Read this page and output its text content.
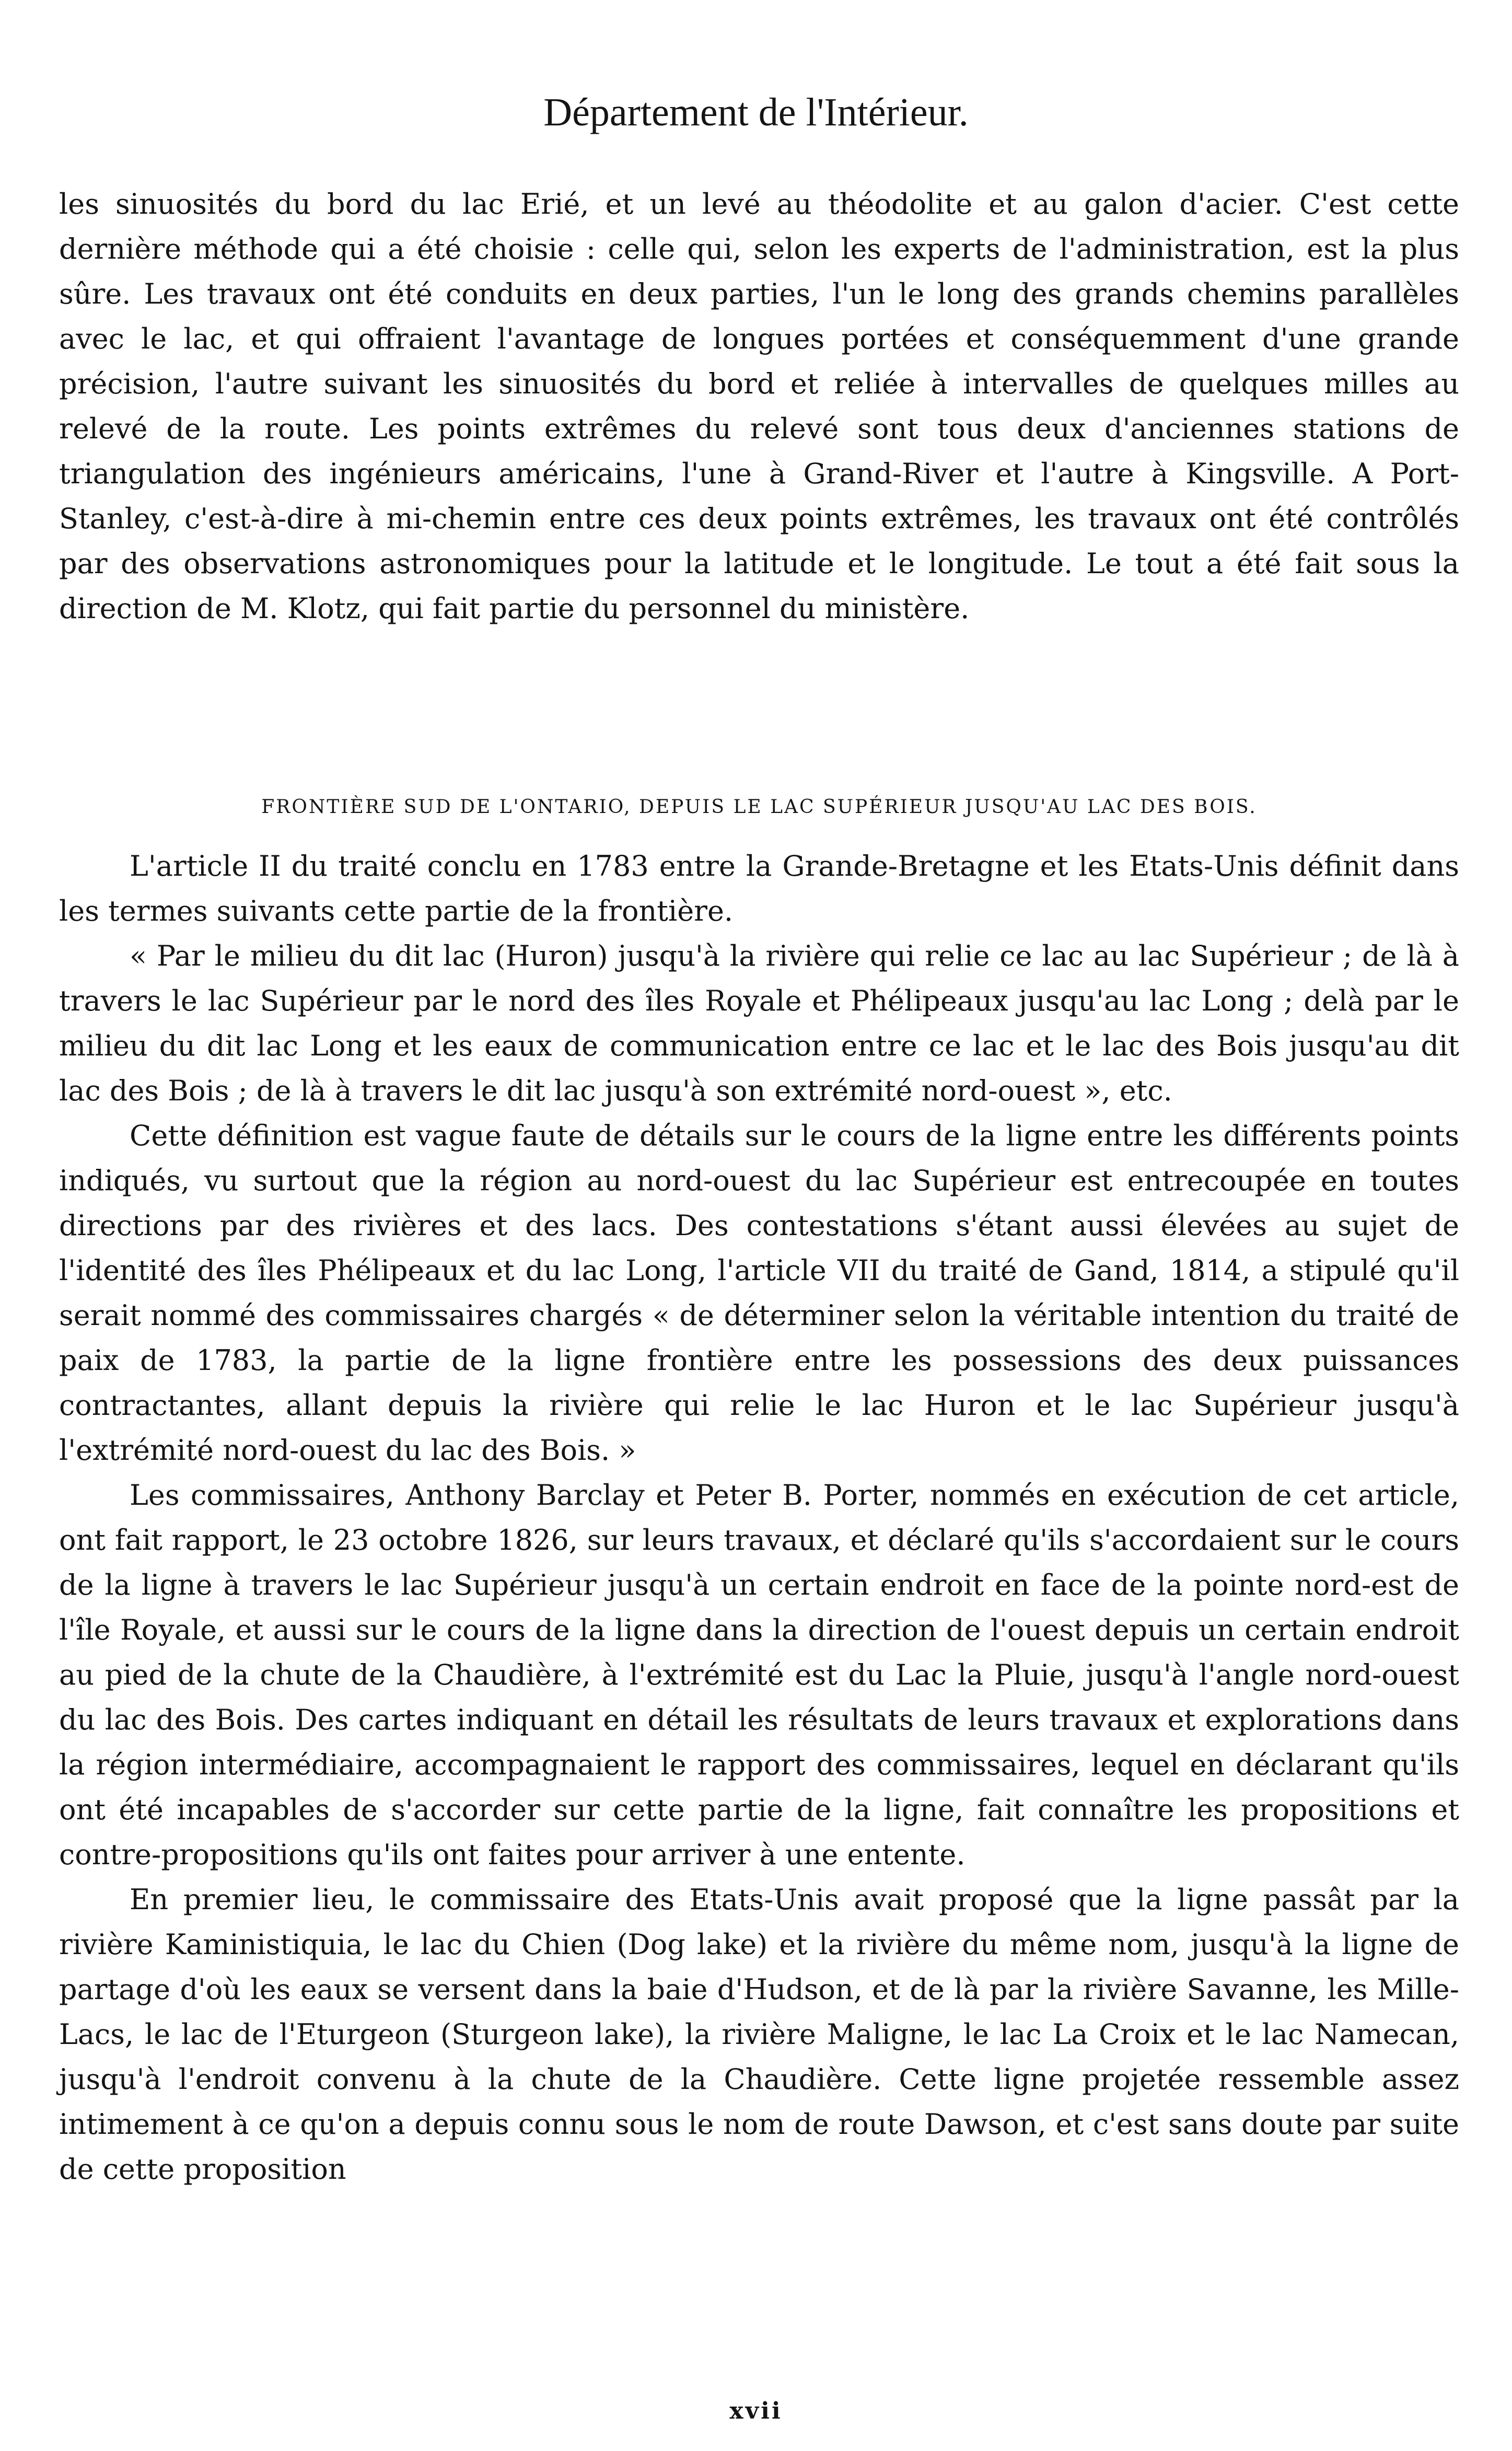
Département de l'Intérieur.

les sinuosités du bord du lac Erié, et un levé au théodolite et au galon d'acier. C'est cette dernière méthode qui a été choisie : celle qui, selon les experts de l'administration, est la plus sûre. Les travaux ont été conduits en deux parties, l'un le long des grands chemins parallèles avec le lac, et qui offraient l'avantage de longues portées et conséquemment d'une grande précision, l'autre suivant les sinuosités du bord et reliée à intervalles de quelques milles au relevé de la route. Les points extrêmes du relevé sont tous deux d'anciennes stations de triangulation des ingénieurs américains, l'une à Grand-River et l'autre à Kingsville. A Port-Stanley, c'est-à-dire à mi-chemin entre ces deux points extrêmes, les travaux ont été contrôlés par des observations astronomiques pour la latitude et le longitude. Le tout a été fait sous la direction de M. Klotz, qui fait partie du personnel du ministère.

FRONTIÈRE SUD DE L'ONTARIO, DEPUIS LE LAC SUPÉRIEUR JUSQU'AU LAC DES BOIS.

L'article II du traité conclu en 1783 entre la Grande-Bretagne et les Etats-Unis définit dans les termes suivants cette partie de la frontière.

« Par le milieu du dit lac (Huron) jusqu'à la rivière qui relie ce lac au lac Supérieur ; de là à travers le lac Supérieur par le nord des îles Royale et Phélipeaux jusqu'au lac Long ; delà par le milieu du dit lac Long et les eaux de communication entre ce lac et le lac des Bois jusqu'au dit lac des Bois ; de là à travers le dit lac jusqu'à son extrémité nord-ouest », etc.

Cette définition est vague faute de détails sur le cours de la ligne entre les différents points indiqués, vu surtout que la région au nord-ouest du lac Supérieur est entrecoupée en toutes directions par des rivières et des lacs. Des contestations s'étant aussi élevées au sujet de l'identité des îles Phélipeaux et du lac Long, l'article VII du traité de Gand, 1814, a stipulé qu'il serait nommé des commissaires chargés « de déterminer selon la véritable intention du traité de paix de 1783, la partie de la ligne frontière entre les possessions des deux puissances contractantes, allant depuis la rivière qui relie le lac Huron et le lac Supérieur jusqu'à l'extrémité nord-ouest du lac des Bois. »

Les commissaires, Anthony Barclay et Peter B. Porter, nommés en exécution de cet article, ont fait rapport, le 23 octobre 1826, sur leurs travaux, et déclaré qu'ils s'accordaient sur le cours de la ligne à travers le lac Supérieur jusqu'à un certain endroit en face de la pointe nord-est de l'île Royale, et aussi sur le cours de la ligne dans la direction de l'ouest depuis un certain endroit au pied de la chute de la Chaudière, à l'extrémité est du Lac la Pluie, jusqu'à l'angle nord-ouest du lac des Bois. Des cartes indiquant en détail les résultats de leurs travaux et explorations dans la région intermédiaire, accompagnaient le rapport des commissaires, lequel en déclarant qu'ils ont été incapables de s'accorder sur cette partie de la ligne, fait connaître les propositions et contre-propositions qu'ils ont faites pour arriver à une entente.

En premier lieu, le commissaire des Etats-Unis avait proposé que la ligne passât par la rivière Kaministiquia, le lac du Chien (Dog lake) et la rivière du même nom, jusqu'à la ligne de partage d'où les eaux se versent dans la baie d'Hudson, et de là par la rivière Savanne, les Mille-Lacs, le lac de l'Eturgeon (Sturgeon lake), la rivière Maligne, le lac La Croix et le lac Namecan, jusqu'à l'endroit convenu à la chute de la Chaudière. Cette ligne projetée ressemble assez intimement à ce qu'on a depuis connu sous le nom de route Dawson, et c'est sans doute par suite de cette proposition

xvii
